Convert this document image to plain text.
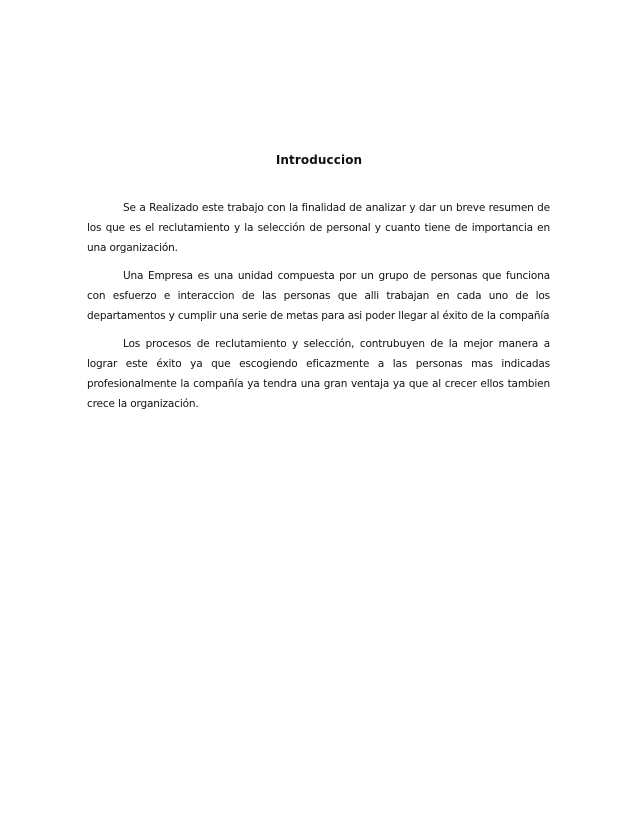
Introduccion

Se a Realizado este trabajo con la finalidad de analizar y dar un breve resumen de los que es el reclutamiento y la selección de personal y cuanto tiene de importancia en una organización.

Una Empresa es una unidad compuesta por un grupo de personas que funciona con esfuerzo e interaccion de las personas que alli trabajan en cada uno de los departamentos y cumplir una serie de metas para asi poder llegar al éxito de la compañía

Los procesos de reclutamiento y selección, contrubuyen de la mejor manera a lograr este éxito ya que escogiendo eficazmente a las personas mas indicadas profesionalmente la compañía ya tendra una gran ventaja ya que al crecer ellos tambien crece la organización.
